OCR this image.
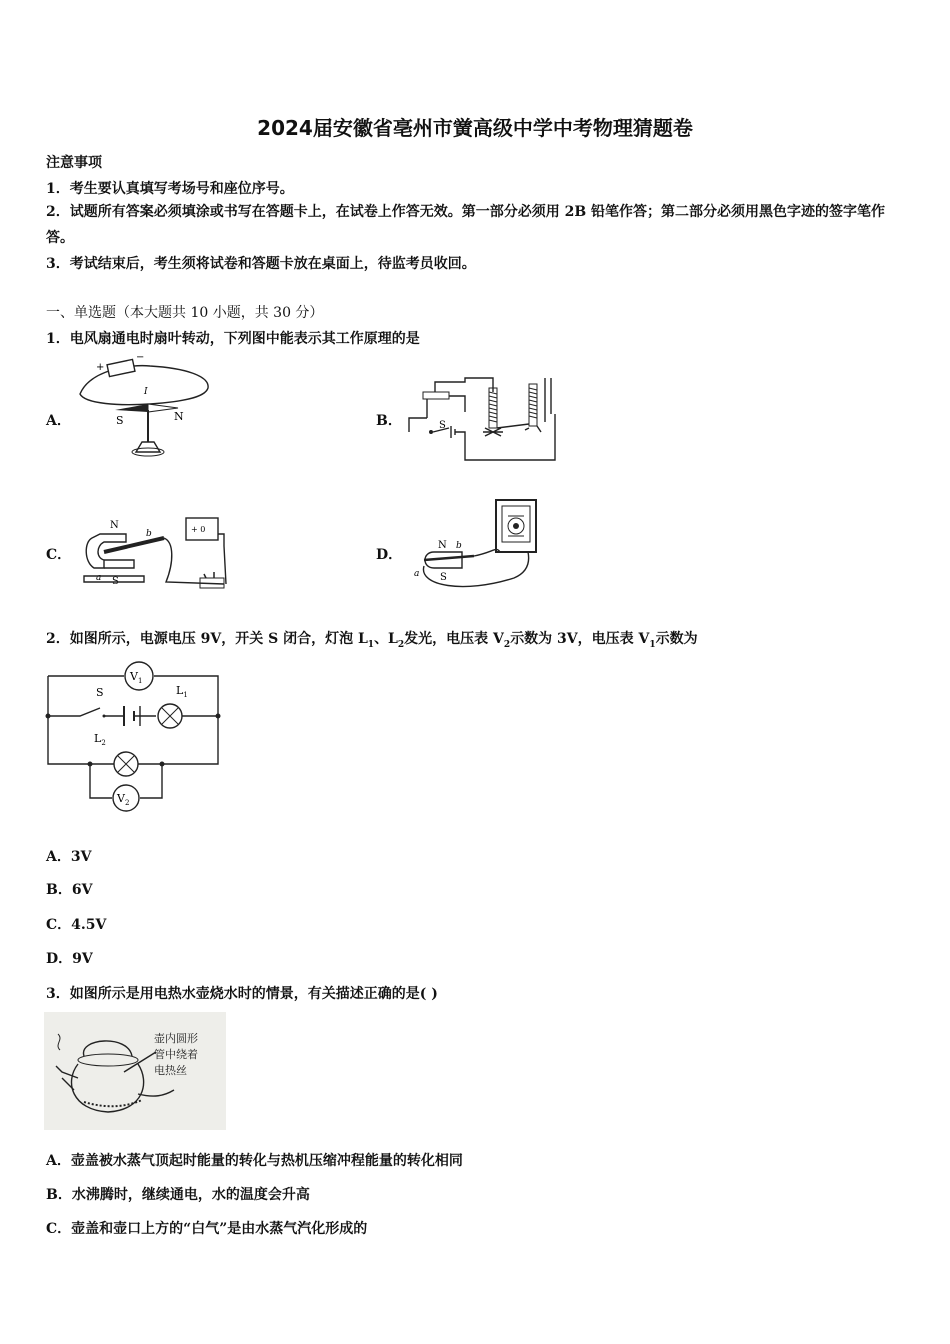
2024届安徽省亳州市黉高级中学中考物理猜题卷
注意事项
1．考生要认真填写考场号和座位序号。
2．试题所有答案必须填涂或书写在答题卡上，在试卷上作答无效。第一部分必须用 2B 铅笔作答；第二部分必须用黑色字迹的签字笔作答。
3．考试结束后，考生须将试卷和答题卡放在桌面上，待监考员收回。
一、单选题（本大题共 10 小题，共 30 分）
1．电风扇通电时扇叶转动，下列图中能表示其工作原理的是
A．	B．
C．	D．
+
−
I
S	N
S
N
b
a S
+ 0
N b
a S
2．如图所示，电源电压 9V，开关 S 闭合，灯泡 $L_1$、$L_2$发光，电压表 $V_2$示数为 3V，电压表 $V_1$示数为
$V_1$
S	$L_1$
$L_2$
$V_2$
A．3V
B．6V
C．4.5V
D．9V
3．如图所示是用电热水壶烧水时的情景，有关描述正确的是( )
壶内圆形
管中绕着
电热丝
A．壶盖被水蒸气顶起时能量的转化与热机压缩冲程能量的转化相同
B．水沸腾时，继续通电，水的温度会升高
C．壶盖和壶口上方的“白气”是由水蒸气汽化形成的
